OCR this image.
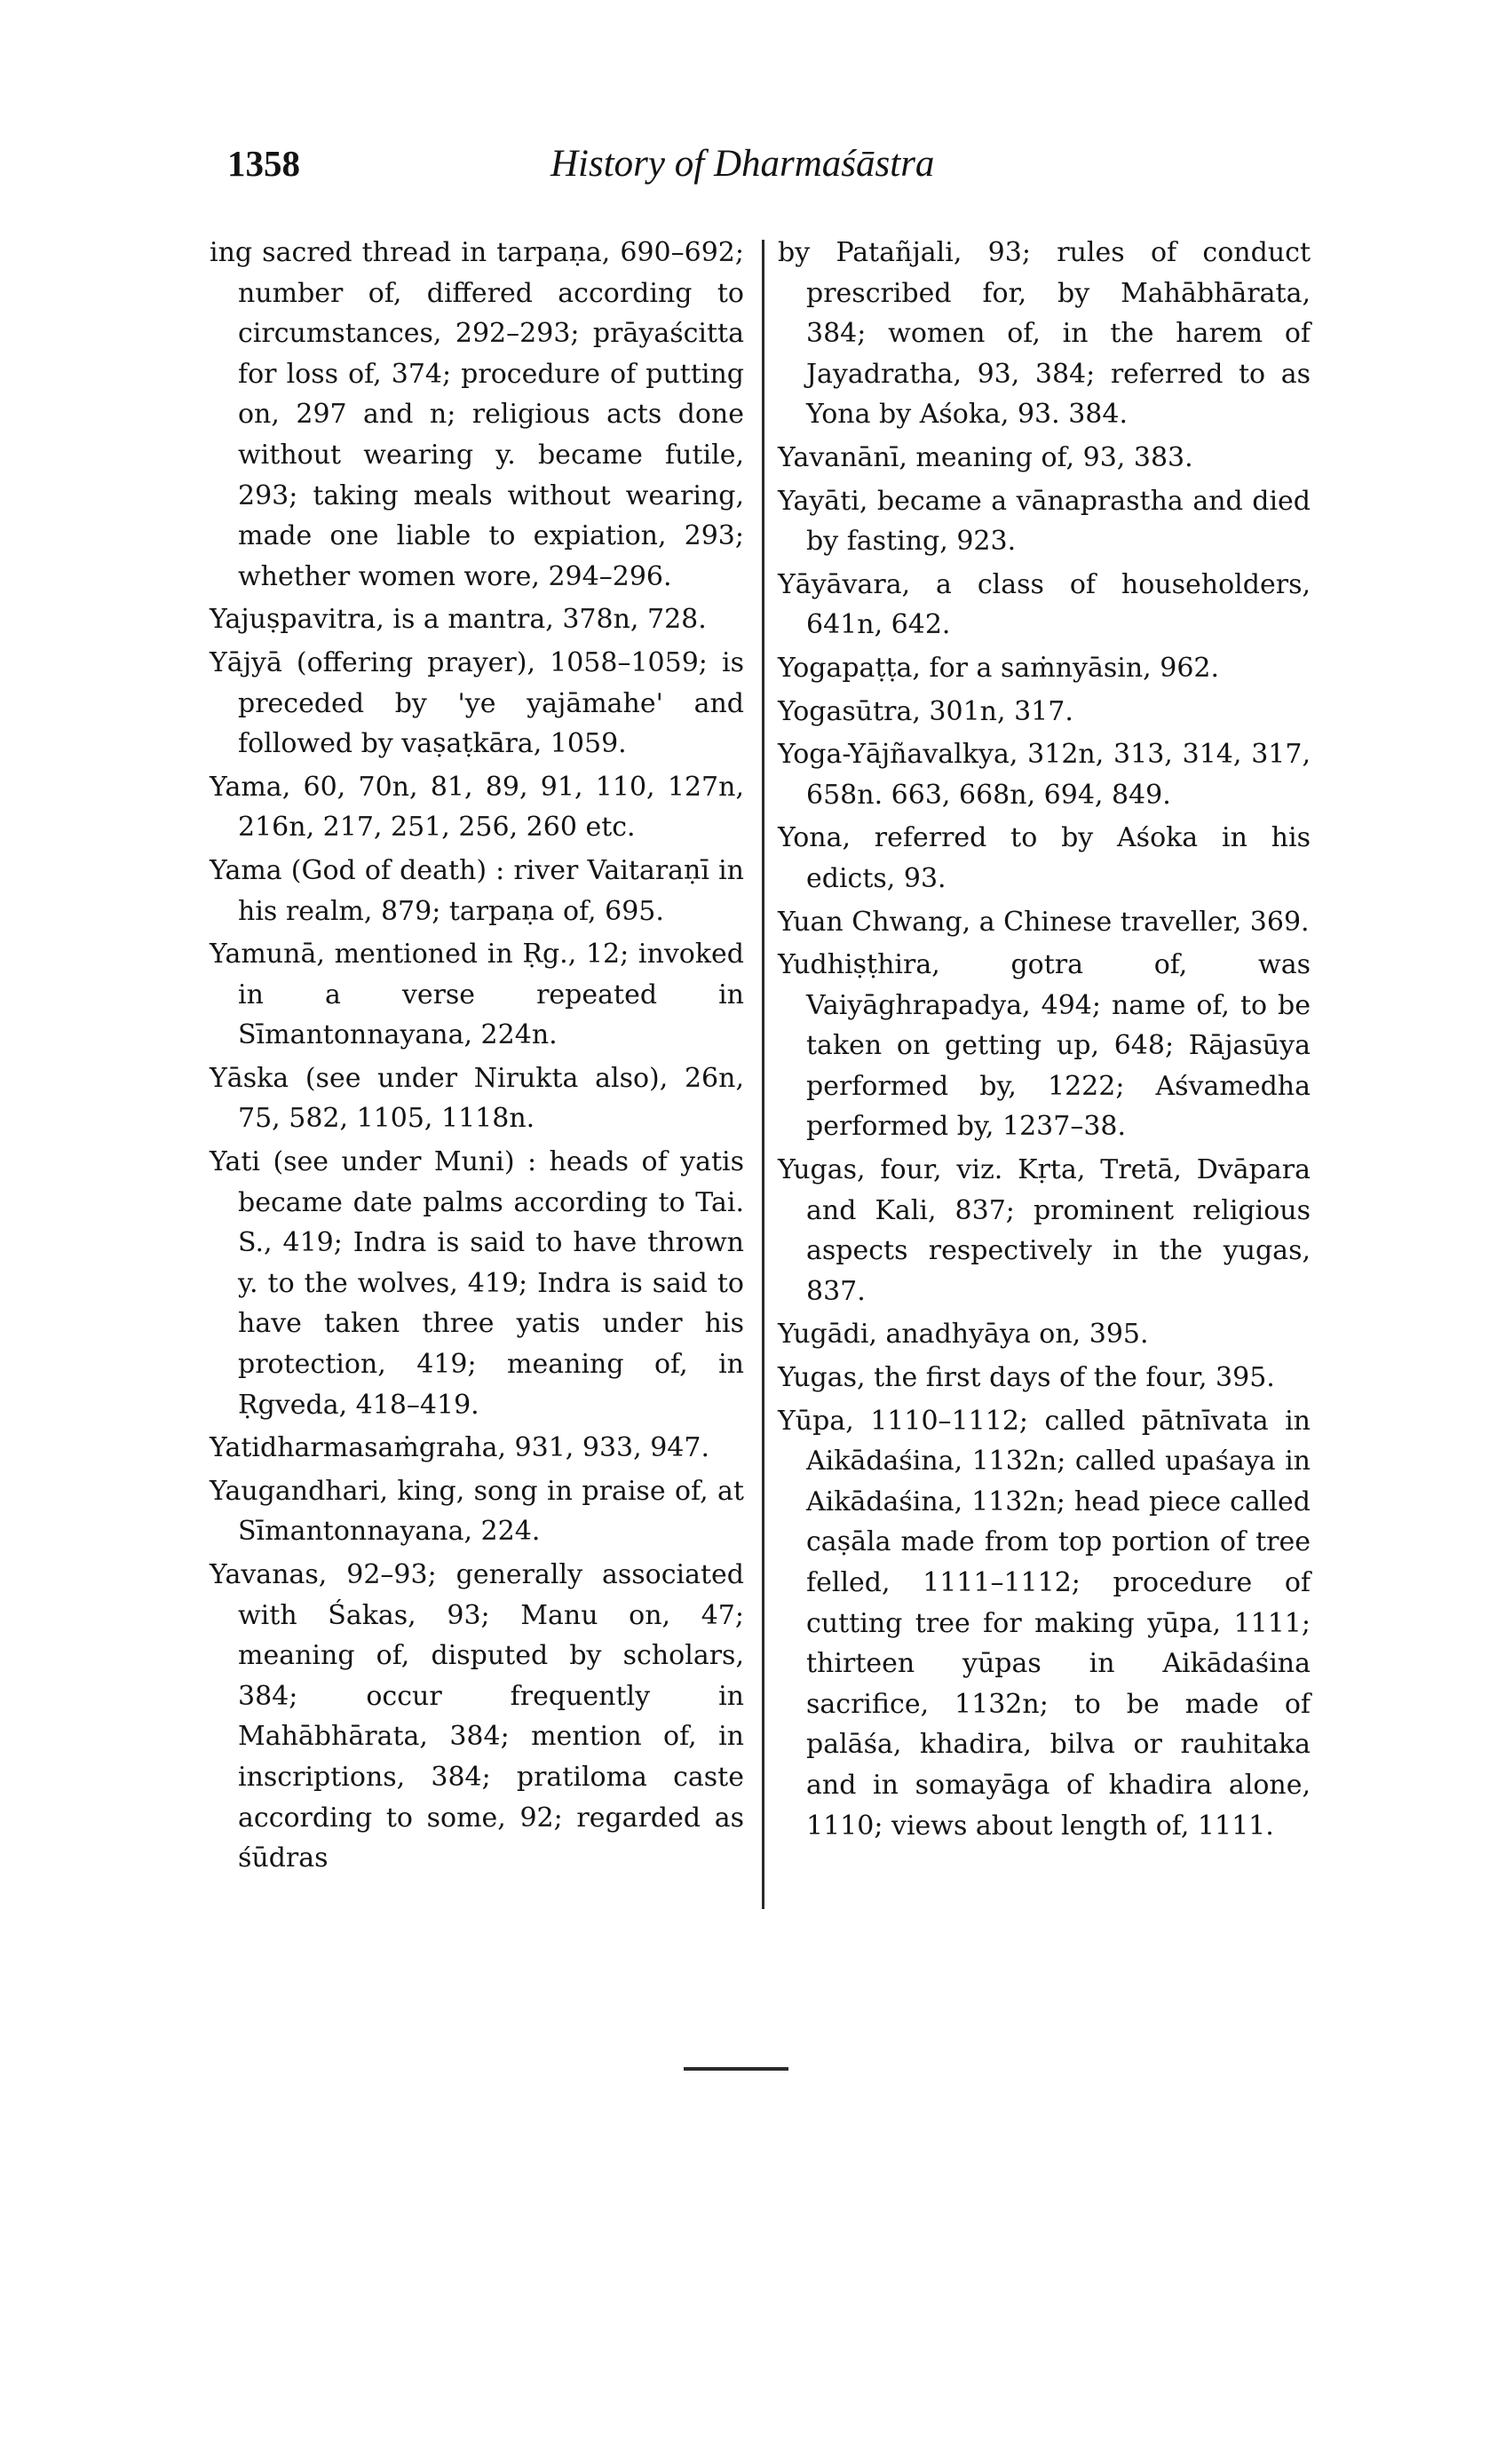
1358	History of Dharmaśāstra

ing sacred thread in tarpaṇa, 690–692; number of, differed according to circumstances, 292–293; prāyaścitta for loss of, 374; procedure of putting on, 297 and n; religious acts done without wearing y. became futile, 293; taking meals without wearing, made one liable to expiation, 293; whether women wore, 294–296.

Yajuṣpavitra, is a mantra, 378n, 728.

Yājyā (offering prayer), 1058–1059; is preceded by 'ye yajāmahe' and followed by vaṣaṭkāra, 1059.

Yama, 60, 70n, 81, 89, 91, 110, 127n, 216n, 217, 251, 256, 260 etc.

Yama (God of death) : river Vaitaraṇī in his realm, 879; tarpaṇa of, 695.

Yamunā, mentioned in Ṛg., 12; invoked in a verse repeated in Sīmantonnayana, 224n.

Yāska (see under Nirukta also), 26n, 75, 582, 1105, 1118n.

Yati (see under Muni) : heads of yatis became date palms according to Tai. S., 419; Indra is said to have thrown y. to the wolves, 419; Indra is said to have taken three yatis under his protection, 419; meaning of, in Ṛgveda, 418–419.

Yatidharmasaṁgraha, 931, 933, 947.

Yaugandhari, king, song in praise of, at Sīmantonnayana, 224.

Yavanas, 92–93; generally associated with Śakas, 93; Manu on, 47; meaning of, disputed by scholars, 384; occur frequently in Mahābhārata, 384; mention of, in inscriptions, 384; pratiloma caste according to some, 92; regarded as śūdras

by Patañjali, 93; rules of conduct prescribed for, by Mahābhārata, 384; women of, in the harem of Jayadratha, 93, 384; referred to as Yona by Aśoka, 93. 384.

Yavanānī, meaning of, 93, 383.

Yayāti, became a vānaprastha and died by fasting, 923.

Yāyāvara, a class of householders, 641n, 642.

Yogapaṭṭa, for a saṁnyāsin, 962.

Yogasūtra, 301n, 317.

Yoga-Yājñavalkya, 312n, 313, 314, 317, 658n. 663, 668n, 694, 849.

Yona, referred to by Aśoka in his edicts, 93.

Yuan Chwang, a Chinese traveller, 369.

Yudhiṣṭhira, gotra of, was Vaiyāghrapadya, 494; name of, to be taken on getting up, 648; Rājasūya performed by, 1222; Aśvamedha performed by, 1237–38.

Yugas, four, viz. Kṛta, Tretā, Dvāpara and Kali, 837; prominent religious aspects respectively in the yugas, 837.

Yugādi, anadhyāya on, 395.

Yugas, the first days of the four, 395.

Yūpa, 1110–1112; called pātnīvata in Aikādaśina, 1132n; called upaśaya in Aikādaśina, 1132n; head piece called caṣāla made from top portion of tree felled, 1111–1112; procedure of cutting tree for making yūpa, 1111; thirteen yūpas in Aikādaśina sacrifice, 1132n; to be made of palāśa, khadira, bilva or rauhitaka and in somayāga of khadira alone, 1110; views about length of, 1111.
